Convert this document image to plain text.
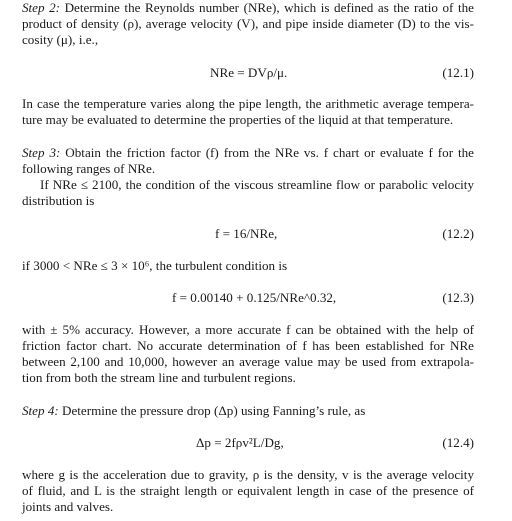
Step 2: Determine the Reynolds number (NRe), which is defined as the ratio of the
product of density (ρ), average velocity (V), and pipe inside diameter (D) to the vis-
cosity (μ), i.e.,
NRe = DVρ/μ.	(12.1)
In case the temperature varies along the pipe length, the arithmetic average tempera-
ture may be evaluated to determine the properties of the liquid at that temperature.
Step 3: Obtain the friction factor (f) from the NRe vs. f chart or evaluate f for the
following ranges of NRe.
If NRe ≤ 2100, the condition of the viscous streamline flow or parabolic velocity
distribution is
f = 16/NRe,	(12.2)
if 3000 < NRe ≤ 3 × 10⁶, the turbulent condition is
f = 0.00140 + 0.125/NRe^0.32,	(12.3)
with ± 5% accuracy. However, a more accurate f can be obtained with the help of
friction factor chart. No accurate determination of f has been established for NRe
between 2,100 and 10,000, however an average value may be used from extrapola-
tion from both the stream line and turbulent regions.
Step 4: Determine the pressure drop (Δp) using Fanning’s rule, as
Δp = 2fρv²L/Dg,	(12.4)
where g is the acceleration due to gravity, ρ is the density, v is the average velocity
of fluid, and L is the straight length or equivalent length in case of the presence of
joints and valves.
